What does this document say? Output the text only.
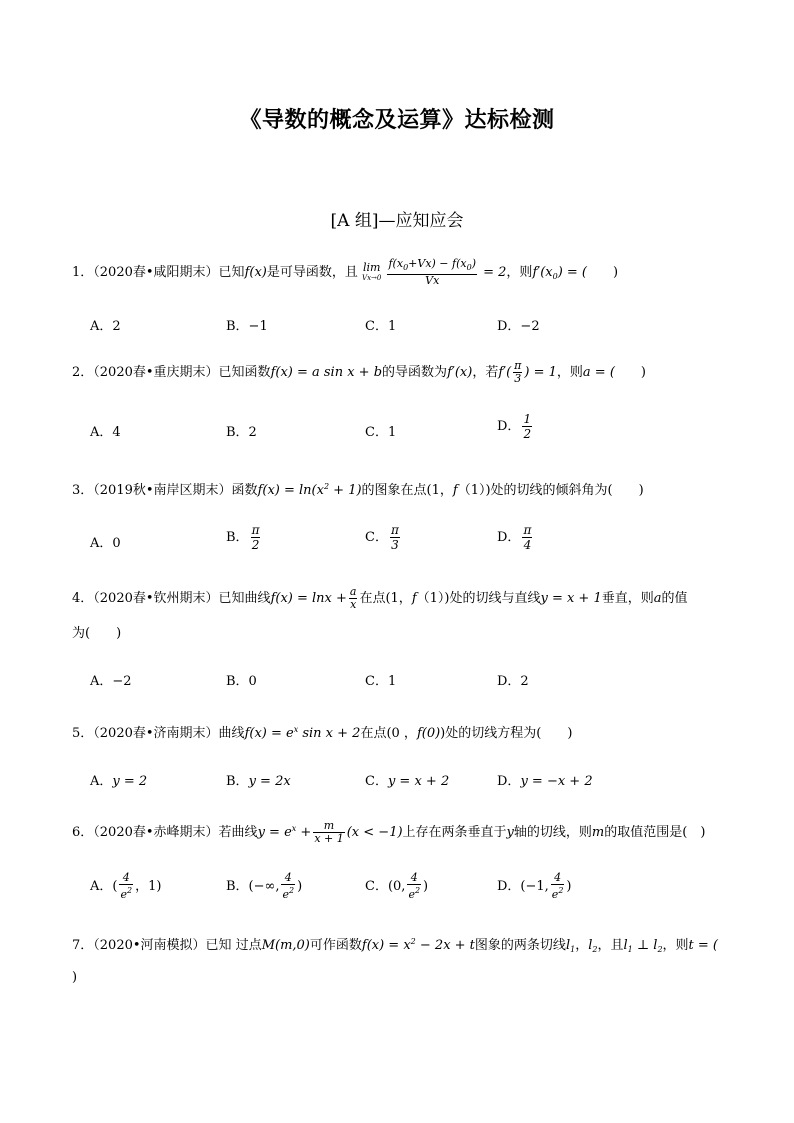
《导数的概念及运算》达标检测
[A 组]—应知应会
1．（2020春•咸阳期末）已知f(x)是可导函数，且 lim
Vx→0
$\frac{f(x_0+Vx) - f(x_0)}{Vx} = 2$，则$f'(x_0)$ = (　　)
A．2	B．−1	C．1	D．−2
2．（2020春•重庆期末）已知函数f(x) = a sin x + b的导函数为f′(x)，若$f'( \frac{\pi}{3}$ ) = 1，则a = (　　)
A．4	B．2	C．1	D． $\frac{1}{2}$
3．（2019秋•南岸区期末）函数$f(x) = \ln(x^2 + 1)$的图象在点(1，f（1）)处的切线的倾斜角为(　　)
A．0	B． $\frac{\pi}{2}$	C． $\frac{\pi}{3}$	D． $\frac{\pi}{4}$
4．（2020春•钦州期末）已知曲线$f(x) = \ln x + \frac{a}{x}$ 在点(1，f（1）)处的切线与直线y = x + 1垂直，则a的值
为(　　)
A．−2	B．0	C．1	D．2
5．（2020春•济南期末）曲线$f(x) = e^x$ sin x + 2在点(0 ，f(0))处的切线方程为(　　)
A．y = 2	B．y = 2x	C．y = x + 2	D．y = −x + 2
6．（2020春•赤峰期末）若曲线$y = e^x + \frac{m}{x + 1} (x < -1)$上存在两条垂直于y轴的切线，则m的取值范围是(　)
A．( $\frac{4}{e^2}$ ，1)	B．(−∞, $\frac{4}{e^2}$ )	C．(0, $\frac{4}{e^2}$ )	D．(−1, $\frac{4}{e^2}$ )
7．（2020•河南模拟）已知 过点M(m,0)可作函数$f(x) = x^2 - 2x + t$图象的两条切线$l_1$，$l_2$，且$l_1$ ⊥ $l_2$，则t = (
)
